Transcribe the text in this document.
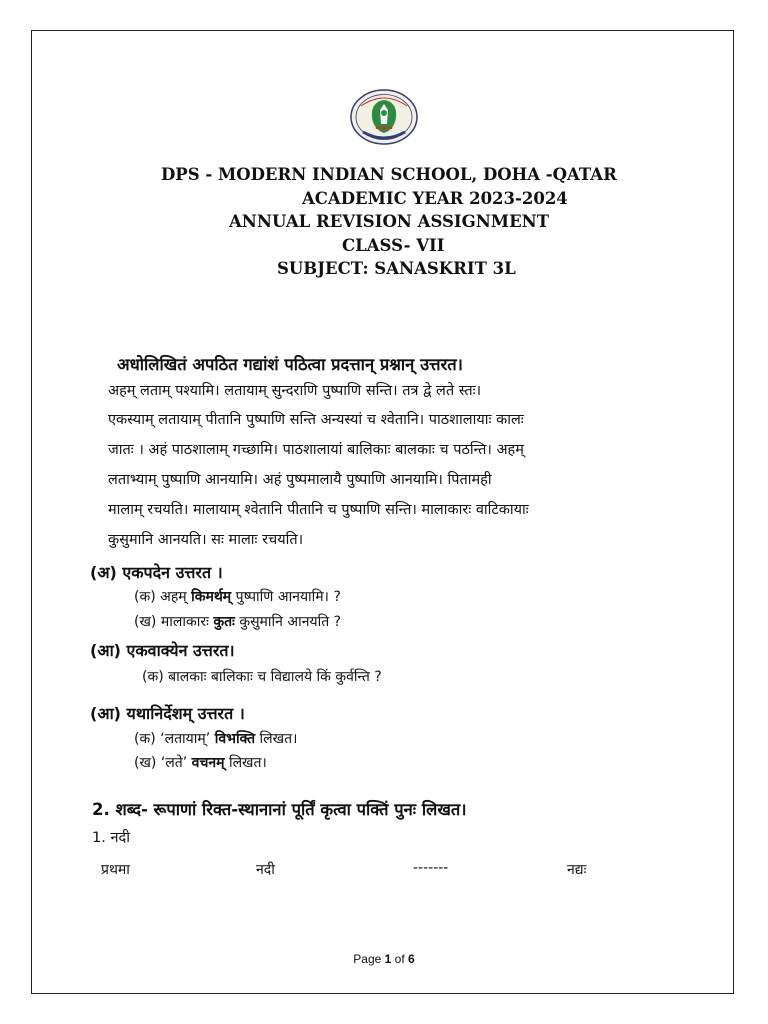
DPS - MODERN INDIAN SCHOOL, DOHA -QATAR
ACADEMIC YEAR 2023-2024
ANNUAL REVISION ASSIGNMENT
CLASS- VII
SUBJECT: SANASKRIT 3L
अधोलिखितं अपठित गद्यांशं पठित्वा प्रदत्तान् प्रश्नान् उत्तरत।
अहम् लताम् पश्यामि। लतायाम् सुन्दराणि पुष्पाणि सन्ति। तत्र द्वे लते स्तः।
एकस्याम् लतायाम् पीतानि पुष्पाणि सन्ति अन्यस्यां च श्वेतानि। पाठशालायाः कालः
जातः । अहं पाठशालाम् गच्छामि। पाठशालायां बालिकाः बालकाः च पठन्ति। अहम्
लताभ्याम् पुष्पाणि आनयामि। अहं पुष्पमालायै पुष्पाणि आनयामि। पितामही
मालाम् रचयति। मालायाम् श्वेतानि पीतानि च पुष्पाणि सन्ति। मालाकारः वाटिकायाः
कुसुमानि आनयति। सः मालाः रचयति।
(अ) एकपदेन उत्तरत ।
(क) अहम् किमर्थम् पुष्पाणि आनयामि। ?
(ख) मालाकारः कुतः कुसुमानि आनयति ?
(आ) एकवाक्येन उत्तरत।
(क) बालकाः बालिकाः च विद्यालये किं कुर्वन्ति ?
(आ) यथानिर्देशम् उत्तरत ।
(क) ‘लतायाम्’ विभक्ति लिखत।
(ख) ‘लते’ वचनम् लिखत।
2. शब्द- रूपाणां रिक्त-स्थानानां पूर्तिं कृत्वा पक्तिं पुनः लिखत।
1. नदी
प्रथमा	नदी	-------	नद्यः
Page 1 of 6
